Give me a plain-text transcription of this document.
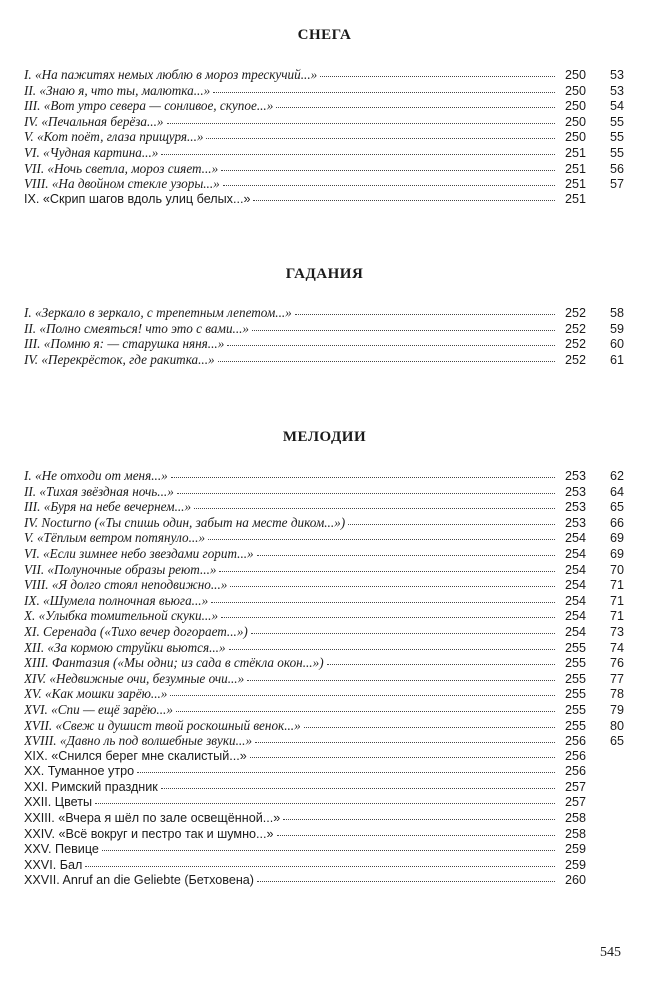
СНЕГА
I. «На пажитях немых люблю в мороз трескучий...»	250	53
II. «Знаю я, что ты, малютка...»	250	53
III. «Вот утро севера — сонливое, скупое...»	250	54
IV. «Печальная берёза...»	250	55
V. «Кот поёт, глаза прищуря...»	250	55
VI. «Чудная картина...»	251	55
VII. «Ночь светла, мороз сияет...»	251	56
VIII. «На двойном стекле узоры...»	251	57
IX. «Скрип шагов вдоль улиц белых...»	251
ГАДАНИЯ
I. «Зеркало в зеркало, с трепетным лепетом...»	252	58
II. «Полно смеяться! что это с вами...»	252	59
III. «Помню я: — старушка няня...»	252	60
IV. «Перекрёсток, где ракитка...»	252	61
МЕЛОДИИ
I. «Не отходи от меня...»	253	62
II. «Тихая звёздная ночь...»	253	64
III. «Буря на небе вечернем...»	253	65
IV. Nocturno («Ты спишь один, забыт на месте диком...»)	253	66
V. «Тёплым ветром потянуло...»	254	69
VI. «Если зимнее небо звездами горит...»	254	69
VII. «Полуночные образы реют...»	254	70
VIII. «Я долго стоял неподвижно...»	254	71
IX. «Шумела полночная вьюга...»	254	71
X. «Улыбка томительной скуки...»	254	71
XI. Серенада («Тихо вечер догорает...»)	254	73
XII. «За кормою струйки вьются...»	255	74
XIII. Фантазия («Мы одни; из сада в стёкла окон...»)	255	76
XIV. «Недвижные очи, безумные очи...»	255	77
XV. «Как мошки зарёю...»	255	78
XVI. «Спи — ещё зарёю...»	255	79
XVII. «Свеж и душист твой роскошный венок...»	255	80
XVIII. «Давно ль под волшебные звуки...»	256	65
XIX. «Снился берег мне скалистый...»	256
XX. Туманное утро	256
XXI. Римский праздник	257
XXII. Цветы	257
XXIII. «Вчера я шёл по зале освещённой...»	258
XXIV. «Всё вокруг и пестро так и шумно...»	258
XXV. Певице	259
XXVI. Бал	259
XXVII. Anruf an die Geliebte (Бетховена)	260
545
